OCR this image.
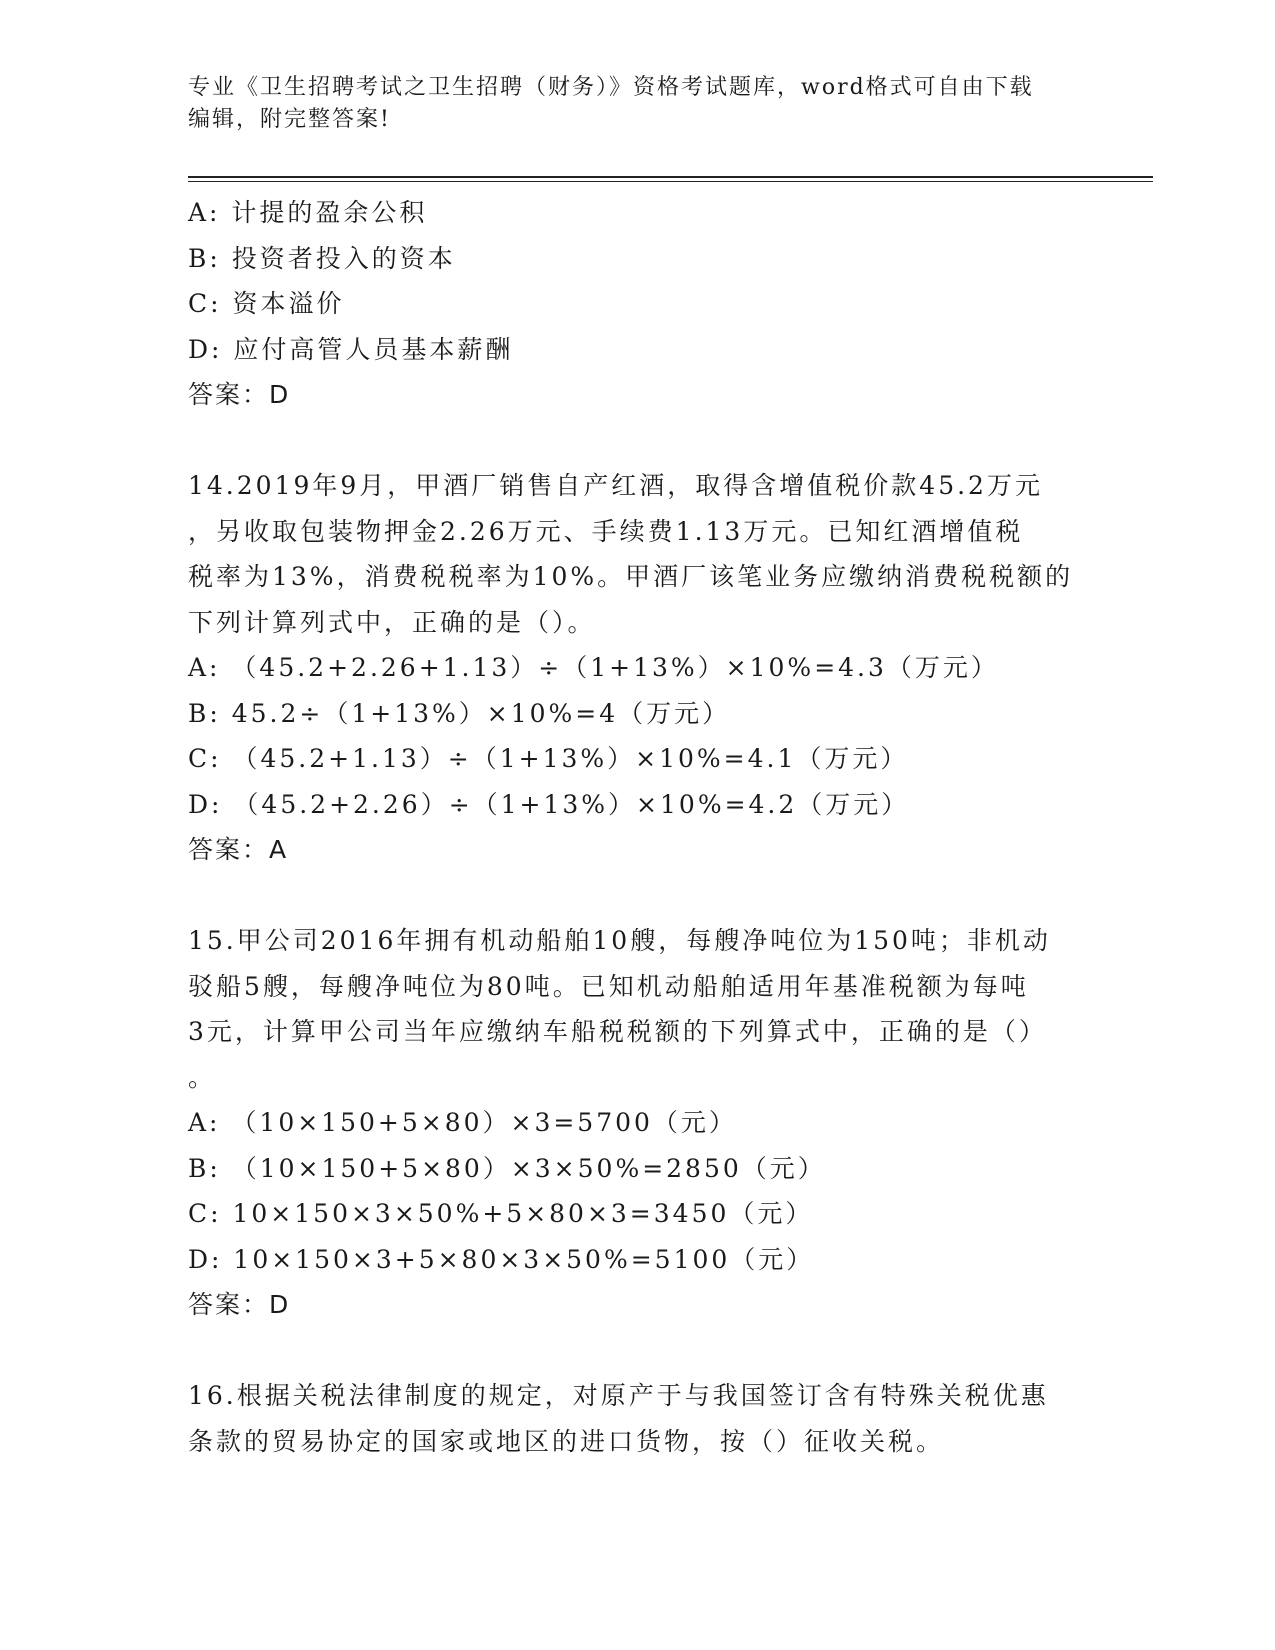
专业《卫生招聘考试之卫生招聘（财务）》资格考试题库，word格式可自由下载
编辑，附完整答案!
A: 计提的盈余公积
B: 投资者投入的资本
C: 资本溢价
D: 应付高管人员基本薪酬
答案：D
14.2019年9月，甲酒厂销售自产红酒，取得含增值税价款45.2万元
，另收取包装物押金2.26万元、手续费1.13万元。已知红酒增值税
税率为13%，消费税税率为10%。甲酒厂该笔业务应缴纳消费税税额的
下列计算列式中，正确的是（）。
A: （45.2+2.26+1.13）÷（1+13%）×10%=4.3（万元）
B: 45.2÷（1+13%）×10%=4（万元）
C: （45.2+1.13）÷（1+13%）×10%=4.1（万元）
D: （45.2+2.26）÷（1+13%）×10%=4.2（万元）
答案：A
15.甲公司2016年拥有机动船舶10艘，每艘净吨位为150吨；非机动
驳船5艘，每艘净吨位为80吨。已知机动船舶适用年基准税额为每吨
3元，计算甲公司当年应缴纳车船税税额的下列算式中，正确的是（）
。
A: （10×150+5×80）×3=5700（元）
B: （10×150+5×80）×3×50%=2850（元）
C: 10×150×3×50%+5×80×3=3450（元）
D: 10×150×3+5×80×3×50%=5100（元）
答案：D
16.根据关税法律制度的规定，对原产于与我国签订含有特殊关税优惠
条款的贸易协定的国家或地区的进口货物，按（）征收关税。
